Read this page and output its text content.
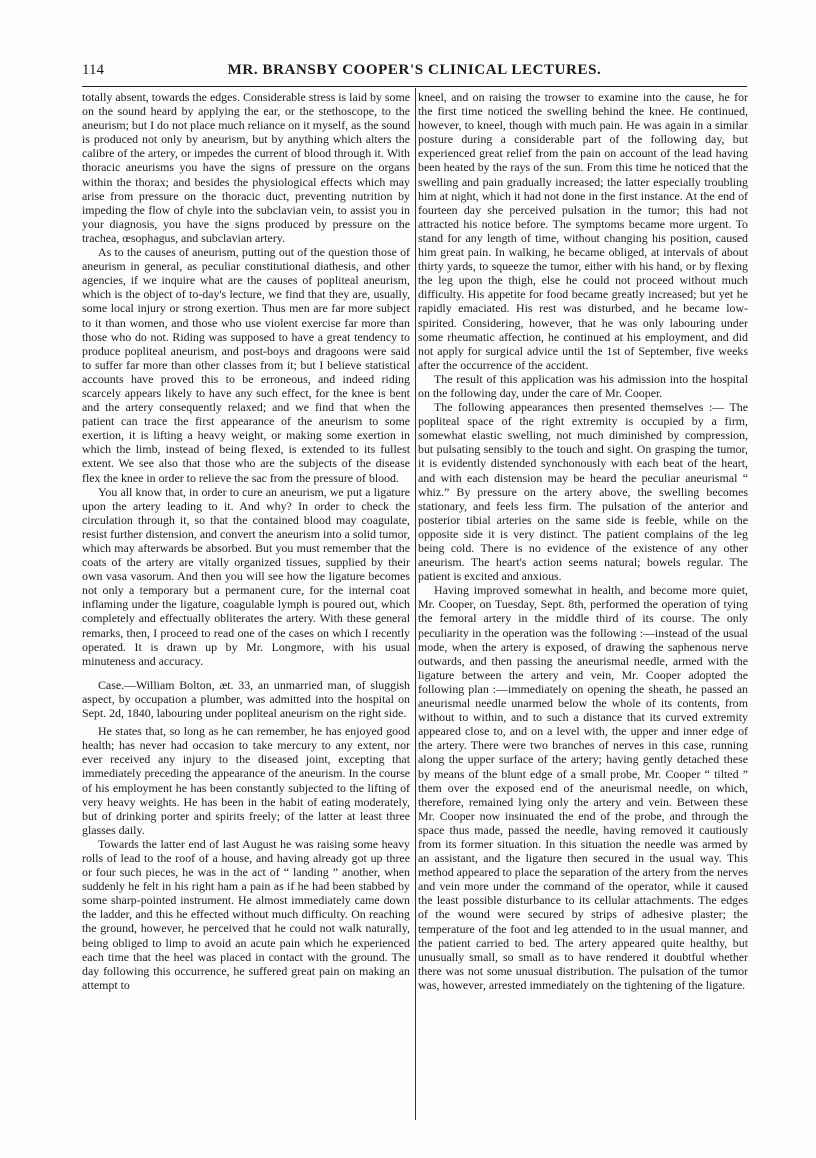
114	MR. BRANSBY COOPER'S CLINICAL LECTURES.

totally absent, towards the edges. Considerable stress is laid by some on the sound heard by applying the ear, or the stethoscope, to the aneurism; but I do not place much reliance on it myself, as the sound is produced not only by aneurism, but by anything which alters the calibre of the artery, or impedes the current of blood through it. With thoracic aneurisms you have the signs of pressure on the organs within the thorax; and besides the physiological effects which may arise from pressure on the thoracic duct, preventing nutrition by impeding the flow of chyle into the subclavian vein, to assist you in your diagnosis, you have the signs produced by pressure on the trachea, œsophagus, and subclavian artery.

As to the causes of aneurism, putting out of the question those of aneurism in general, as peculiar constitutional diathesis, and other agencies, if we inquire what are the causes of popliteal aneurism, which is the object of to-day's lecture, we find that they are, usually, some local injury or strong exertion. Thus men are far more subject to it than women, and those who use violent exercise far more than those who do not. Riding was supposed to have a great tendency to produce popliteal aneurism, and post-boys and dragoons were said to suffer far more than other classes from it; but I believe statistical accounts have proved this to be erroneous, and indeed riding scarcely appears likely to have any such effect, for the knee is bent and the artery consequently relaxed; and we find that when the patient can trace the first appearance of the aneurism to some exertion, it is lifting a heavy weight, or making some exertion in which the limb, instead of being flexed, is extended to its fullest extent. We see also that those who are the subjects of the disease flex the knee in order to relieve the sac from the pressure of blood.

You all know that, in order to cure an aneurism, we put a ligature upon the artery leading to it. And why? In order to check the circulation through it, so that the contained blood may coagulate, resist further distension, and convert the aneurism into a solid tumor, which may afterwards be absorbed. But you must remember that the coats of the artery are vitally organized tissues, supplied by their own vasa vasorum. And then you will see how the ligature becomes not only a temporary but a permanent cure, for the internal coat inflaming under the ligature, coagulable lymph is poured out, which completely and effectually obliterates the artery. With these general remarks, then, I proceed to read one of the cases on which I recently operated. It is drawn up by Mr. Longmore, with his usual minuteness and accuracy.

Case.—William Bolton, æt. 33, an unmarried man, of sluggish aspect, by occupation a plumber, was admitted into the hospital on Sept. 2d, 1840, labouring under popliteal aneurism on the right side.

He states that, so long as he can remember, he has enjoyed good health; has never had occasion to take mercury to any extent, nor ever received any injury to the diseased joint, excepting that immediately preceding the appearance of the aneurism. In the course of his employment he has been constantly subjected to the lifting of very heavy weights. He has been in the habit of eating moderately, but of drinking porter and spirits freely; of the latter at least three glasses daily.

Towards the latter end of last August he was raising some heavy rolls of lead to the roof of a house, and having already got up three or four such pieces, he was in the act of “ landing ” another, when suddenly he felt in his right ham a pain as if he had been stabbed by some sharp-pointed instrument. He almost immediately came down the ladder, and this he effected without much difficulty. On reaching the ground, however, he perceived that he could not walk naturally, being obliged to limp to avoid an acute pain which he experienced each time that the heel was placed in contact with the ground. The day following this occurrence, he suffered great pain on making an attempt to

kneel, and on raising the trowser to examine into the cause, he for the first time noticed the swelling behind the knee. He continued, however, to kneel, though with much pain. He was again in a similar posture during a considerable part of the following day, but experienced great relief from the pain on account of the lead having been heated by the rays of the sun. From this time he noticed that the swelling and pain gradually increased; the latter especially troubling him at night, which it had not done in the first instance. At the end of fourteen day she perceived pulsation in the tumor; this had not attracted his notice before. The symptoms became more urgent. To stand for any length of time, without changing his position, caused him great pain. In walking, he became obliged, at intervals of about thirty yards, to squeeze the tumor, either with his hand, or by flexing the leg upon the thigh, else he could not proceed without much difficulty. His appetite for food became greatly increased; but yet he rapidly emaciated. His rest was disturbed, and he became low-spirited. Considering, however, that he was only labouring under some rheumatic affection, he continued at his employment, and did not apply for surgical advice until the 1st of September, five weeks after the occurrence of the accident.

The result of this application was his admission into the hospital on the following day, under the care of Mr. Cooper.

The following appearances then presented themselves :— The popliteal space of the right extremity is occupied by a firm, somewhat elastic swelling, not much diminished by compression, but pulsating sensibly to the touch and sight. On grasping the tumor, it is evidently distended synchonously with each beat of the heart, and with each distension may be heard the peculiar aneurismal “ whiz.” By pressure on the artery above, the swelling becomes stationary, and feels less firm. The pulsation of the anterior and posterior tibial arteries on the same side is feeble, while on the opposite side it is very distinct. The patient complains of the leg being cold. There is no evidence of the existence of any other aneurism. The heart's action seems natural; bowels regular. The patient is excited and anxious.

Having improved somewhat in health, and become more quiet, Mr. Cooper, on Tuesday, Sept. 8th, performed the operation of tying the femoral artery in the middle third of its course. The only peculiarity in the operation was the following :—instead of the usual mode, when the artery is exposed, of drawing the saphenous nerve outwards, and then passing the aneurismal needle, armed with the ligature between the artery and vein, Mr. Cooper adopted the following plan :—immediately on opening the sheath, he passed an aneurismal needle unarmed below the whole of its contents, from without to within, and to such a distance that its curved extremity appeared close to, and on a level with, the upper and inner edge of the artery. There were two branches of nerves in this case, running along the upper surface of the artery; having gently detached these by means of the blunt edge of a small probe, Mr. Cooper “ tilted ” them over the exposed end of the aneurismal needle, on which, therefore, remained lying only the artery and vein. Between these Mr. Cooper now insinuated the end of the probe, and through the space thus made, passed the needle, having removed it cautiously from its former situation. In this situation the needle was armed by an assistant, and the ligature then secured in the usual way. This method appeared to place the separation of the artery from the nerves and vein more under the command of the operator, while it caused the least possible disturbance to its cellular attachments. The edges of the wound were secured by strips of adhesive plaster; the temperature of the foot and leg attended to in the usual manner, and the patient carried to bed. The artery appeared quite healthy, but unusually small, so small as to have rendered it doubtful whether there was not some unusual distribution. The pulsation of the tumor was, however, arrested immediately on the tightening of the ligature.
